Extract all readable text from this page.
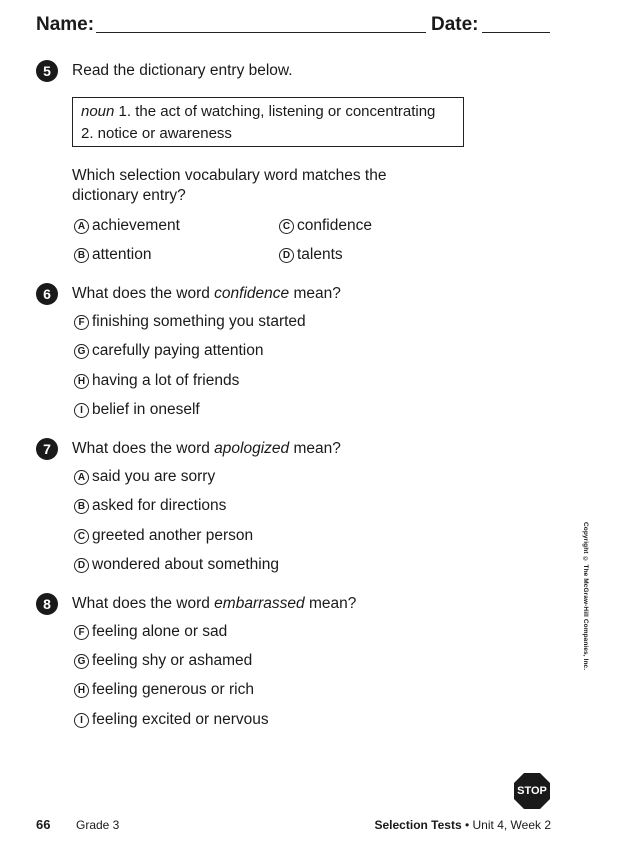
Name:	Date:
5	Read the dictionary entry below.
noun 1. the act of watching, listening or concentrating
2. notice or awareness
Which selection vocabulary word matches the
dictionary entry?
A achievement
B attention
C confidence
D talents
6	What does the word confidence mean?
F finishing something you started
G carefully paying attention
H having a lot of friends
I belief in oneself
7	What does the word apologized mean?
A said you are sorry
B asked for directions
C greeted another person
D wondered about something
8	What does the word embarrassed mean?
F feeling alone or sad
G feeling shy or ashamed
H feeling generous or rich
I feeling excited or nervous
Copyright © The McGraw-Hill Companies, Inc.
STOP
66 Grade 3	Selection Tests • Unit 4, Week 2
